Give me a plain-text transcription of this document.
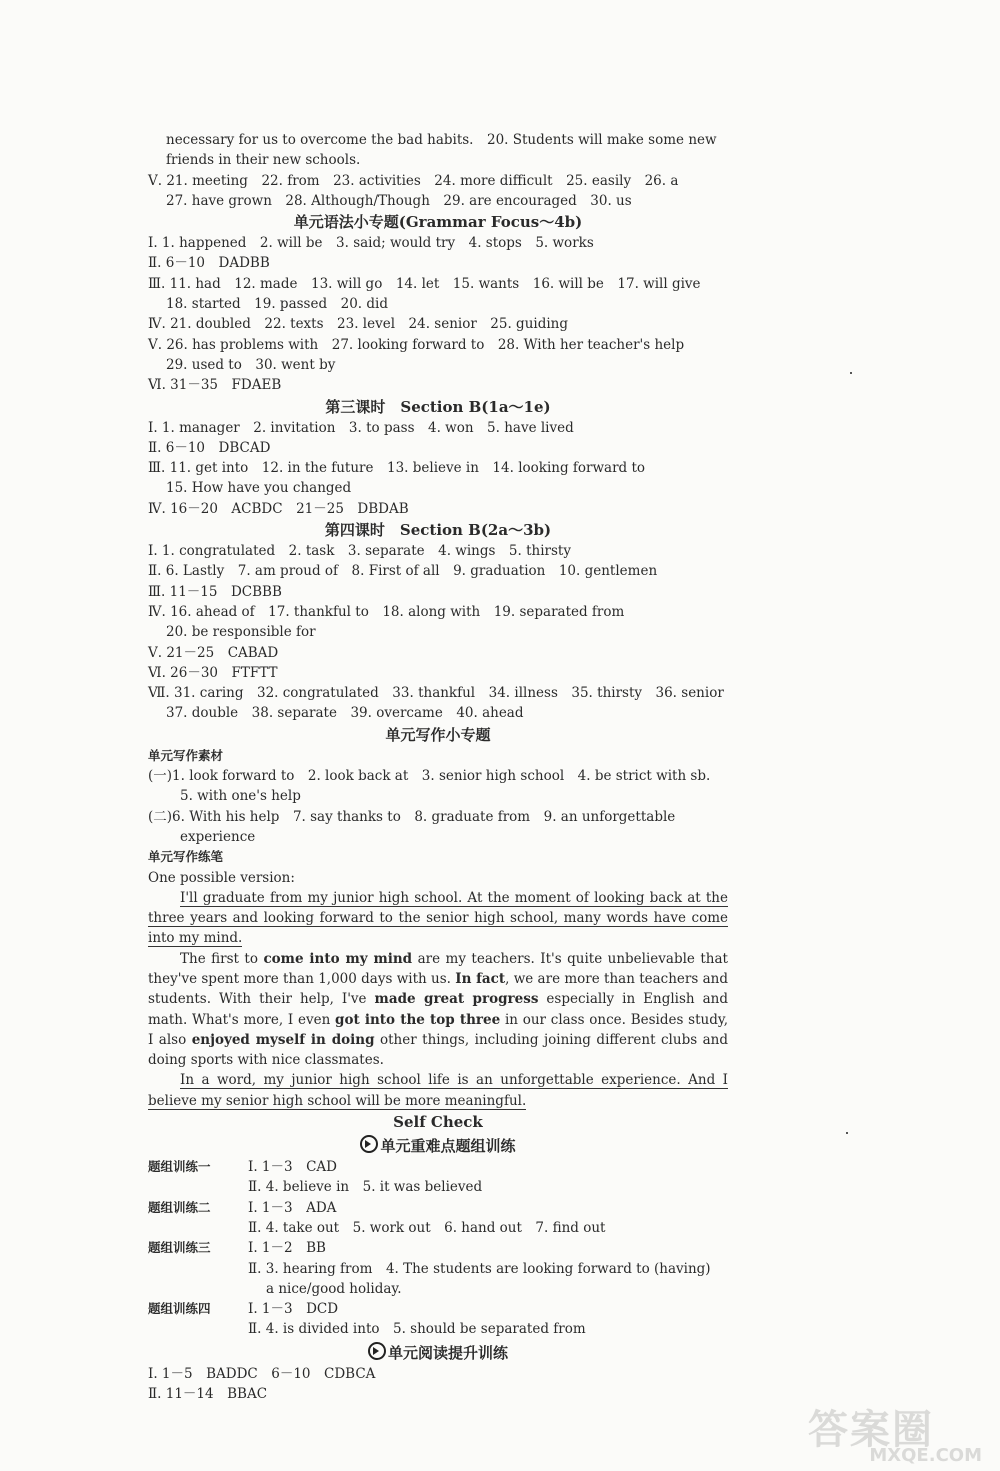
necessary for us to overcome the bad habits.　20. Students will make some new
friends in their new schools.
Ⅴ. 21. meeting　22. from　23. activities　24. more difficult　25. easily　26. a
27. have grown　28. Although/Though　29. are encouraged　30. us
单元语法小专题(Grammar Focus～4b)
Ⅰ. 1. happened　2. will be　3. said; would try　4. stops　5. works
Ⅱ. 6－10　DADBB
Ⅲ. 11. had　12. made　13. will go　14. let　15. wants　16. will be　17. will give
18. started　19. passed　20. did
Ⅳ. 21. doubled　22. texts　23. level　24. senior　25. guiding
Ⅴ. 26. has problems with　27. looking forward to　28. With her teacher's help
29. used to　30. went by
Ⅵ. 31－35　FDAEB
第三课时　Section B(1a～1e)
Ⅰ. 1. manager　2. invitation　3. to pass　4. won　5. have lived
Ⅱ. 6－10　DBCAD
Ⅲ. 11. get into　12. in the future　13. believe in　14. looking forward to
15. How have you changed
Ⅳ. 16－20　ACBDC　21－25　DBDAB
第四课时　Section B(2a～3b)
Ⅰ. 1. congratulated　2. task　3. separate　4. wings　5. thirsty
Ⅱ. 6. Lastly　7. am proud of　8. First of all　9. graduation　10. gentlemen
Ⅲ. 11－15　DCBBB
Ⅳ. 16. ahead of　17. thankful to　18. along with　19. separated from
20. be responsible for
Ⅴ. 21－25　CABAD
Ⅵ. 26－30　FTFTT
Ⅶ. 31. caring　32. congratulated　33. thankful　34. illness　35. thirsty　36. senior
37. double　38. separate　39. overcame　40. ahead
单元写作小专题
单元写作素材
(一)1. look forward to　2. look back at　3. senior high school　4. be strict with sb.
5. with one's help
(二)6. With his help　7. say thanks to　8. graduate from　9. an unforgettable
experience
单元写作练笔
One possible version:
I'll graduate from my junior high school. At the moment of looking back at the three years and looking forward to the senior high school, many words have come into my mind.
The first to come into my mind are my teachers. It's quite unbelievable that they've spent more than 1,000 days with us. In fact, we are more than teachers and students. With their help, I've made great progress especially in English and math. What's more, I even got into the top three in our class once. Besides study, I also enjoyed myself in doing other things, including joining different clubs and doing sports with nice classmates.
In a word, my junior high school life is an unforgettable experience. And I believe my senior high school will be more meaningful.
Self Check
单元重难点题组训练
题组训练一	Ⅰ. 1－3　CAD
Ⅱ. 4. believe in　5. it was believed
题组训练二	Ⅰ. 1－3　ADA
Ⅱ. 4. take out　5. work out　6. hand out　7. find out
题组训练三	Ⅰ. 1－2　BB
Ⅱ. 3. hearing from　4. The students are looking forward to (having)
a nice/good holiday.
题组训练四	Ⅰ. 1－3　DCD
Ⅱ. 4. is divided into　5. should be separated from
单元阅读提升训练
Ⅰ. 1－5　BADDC　6－10　CDBCA
Ⅱ. 11－14　BBAC
答案圈
MXQE.COM
